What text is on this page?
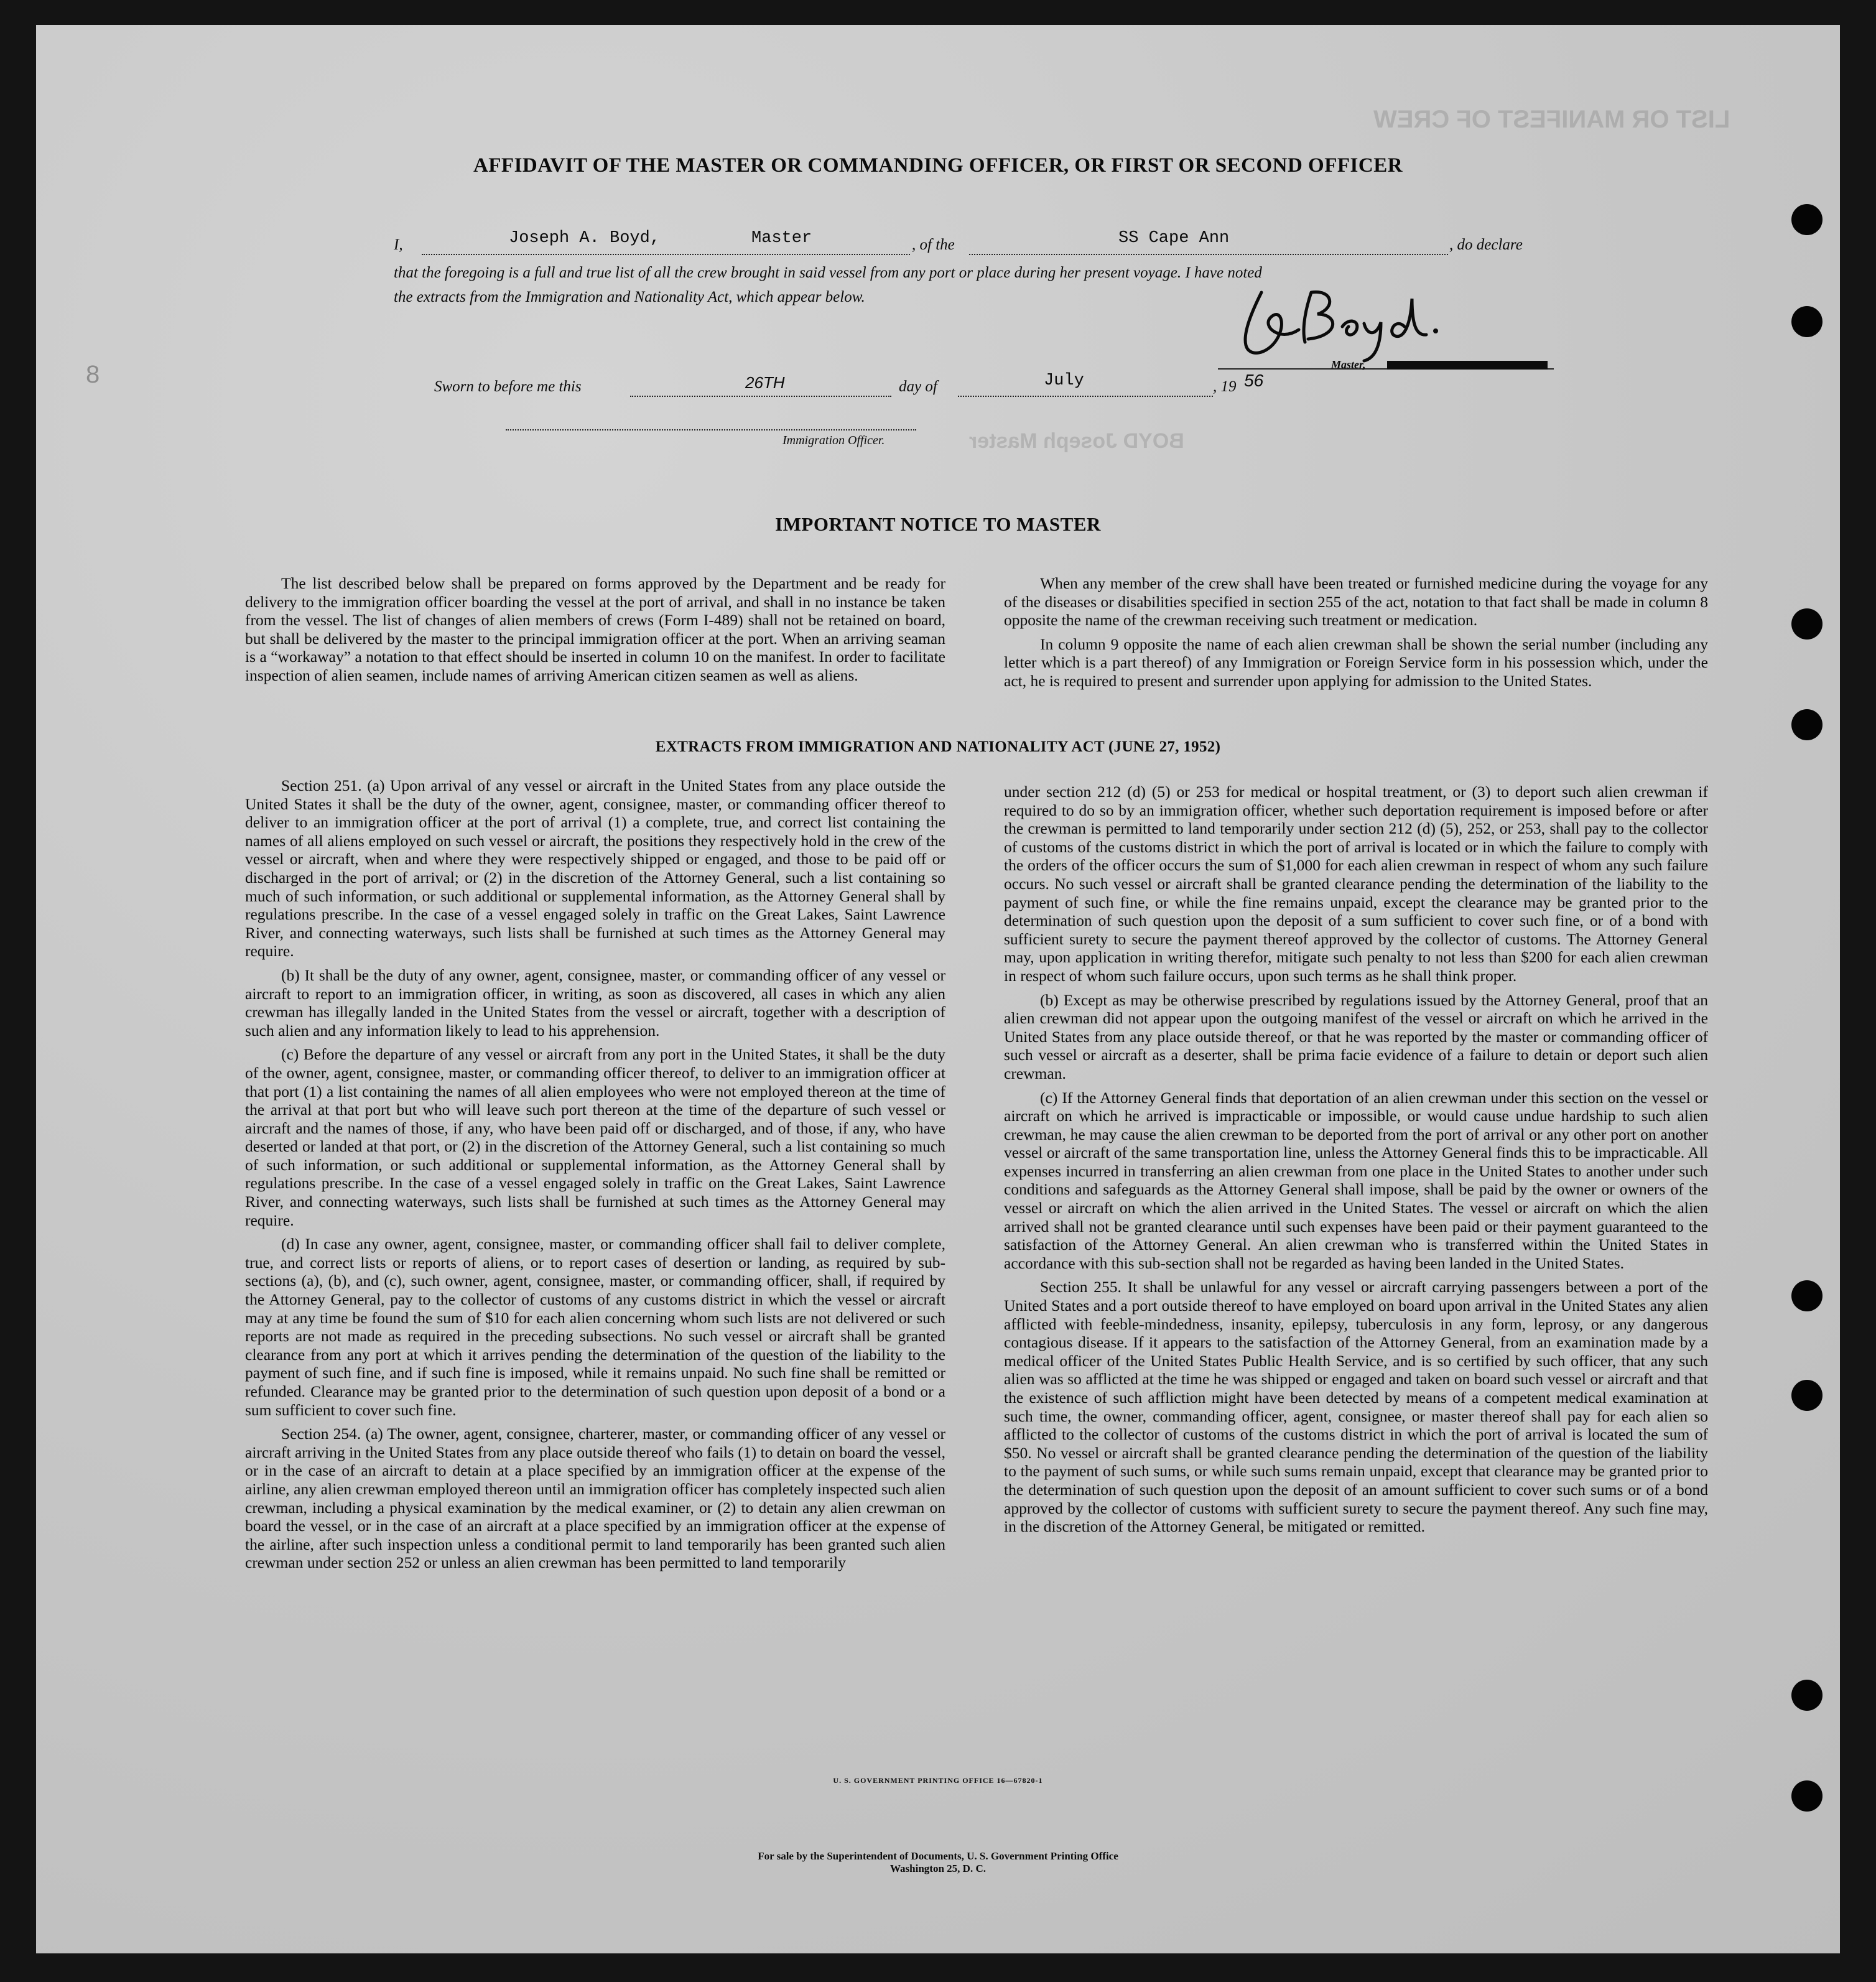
LIST OR MANIFEST OF CREW
BOYD Joseph Master
AFFIDAVIT OF THE MASTER OR COMMANDING OFFICER, OR FIRST OR SECOND OFFICER
I,	Joseph A. Boyd,	Master	, of the	SS Cape Ann	, do declare
that the foregoing is a full and true list of all the crew brought in said vessel from any port or place during her present voyage. I have noted
the extracts from the Immigration and Nationality Act, which appear below.
Master,
Sworn to before me this	26TH	day of	July	, 19 56
Immigration Officer.
IMPORTANT NOTICE TO MASTER

The list described below shall be prepared on forms approved by the Department and be ready for delivery to the immigration officer boarding the vessel at the port of arrival, and shall in no instance be taken from the vessel. The list of changes of alien members of crews (Form I-489) shall not be retained on board, but shall be delivered by the master to the principal immigration officer at the port. When an arriving seaman is a “workaway” a notation to that effect should be inserted in column 10 on the manifest. In order to facilitate inspection of alien seamen, include names of arriving American citizen seamen as well as aliens.

When any member of the crew shall have been treated or furnished medicine during the voyage for any of the diseases or disabilities specified in section 255 of the act, notation to that fact shall be made in column 8 opposite the name of the crewman receiving such treatment or medication.

In column 9 opposite the name of each alien crewman shall be shown the serial number (including any letter which is a part thereof) of any Immigration or Foreign Service form in his possession which, under the act, he is required to present and surrender upon applying for admission to the United States.

EXTRACTS FROM IMMIGRATION AND NATIONALITY ACT (JUNE 27, 1952)

Section 251. (a) Upon arrival of any vessel or aircraft in the United States from any place outside the United States it shall be the duty of the owner, agent, consignee, master, or commanding officer thereof to deliver to an immigration officer at the port of arrival (1) a complete, true, and correct list containing the names of all aliens employed on such vessel or aircraft, the positions they respectively hold in the crew of the vessel or aircraft, when and where they were respectively shipped or engaged, and those to be paid off or discharged in the port of arrival; or (2) in the discretion of the Attorney General, such a list containing so much of such information, or such additional or supplemental information, as the Attorney General shall by regulations prescribe. In the case of a vessel engaged solely in traffic on the Great Lakes, Saint Lawrence River, and connecting waterways, such lists shall be furnished at such times as the Attorney General may require.

(b) It shall be the duty of any owner, agent, consignee, master, or commanding officer of any vessel or aircraft to report to an immigration officer, in writing, as soon as discovered, all cases in which any alien crewman has illegally landed in the United States from the vessel or aircraft, together with a description of such alien and any information likely to lead to his apprehension.

(c) Before the departure of any vessel or aircraft from any port in the United States, it shall be the duty of the owner, agent, consignee, master, or commanding officer thereof, to deliver to an immigration officer at that port (1) a list containing the names of all alien employees who were not employed thereon at the time of the arrival at that port but who will leave such port thereon at the time of the departure of such vessel or aircraft and the names of those, if any, who have been paid off or discharged, and of those, if any, who have deserted or landed at that port, or (2) in the discretion of the Attorney General, such a list containing so much of such information, or such additional or supplemental information, as the Attorney General shall by regulations prescribe. In the case of a vessel engaged solely in traffic on the Great Lakes, Saint Lawrence River, and connecting waterways, such lists shall be furnished at such times as the Attorney General may require.

(d) In case any owner, agent, consignee, master, or commanding officer shall fail to deliver complete, true, and correct lists or reports of aliens, or to report cases of desertion or landing, as required by sub-sections (a), (b), and (c), such owner, agent, consignee, master, or commanding officer, shall, if required by the Attorney General, pay to the collector of customs of any customs district in which the vessel or aircraft may at any time be found the sum of $10 for each alien concerning whom such lists are not delivered or such reports are not made as required in the preceding subsections. No such vessel or aircraft shall be granted clearance from any port at which it arrives pending the determination of the question of the liability to the payment of such fine, and if such fine is imposed, while it remains unpaid. No such fine shall be remitted or refunded. Clearance may be granted prior to the determination of such question upon deposit of a bond or a sum sufficient to cover such fine.

Section 254. (a) The owner, agent, consignee, charterer, master, or commanding officer of any vessel or aircraft arriving in the United States from any place outside thereof who fails (1) to detain on board the vessel, or in the case of an aircraft to detain at a place specified by an immigration officer at the expense of the airline, any alien crewman employed thereon until an immigration officer has completely inspected such alien crewman, including a physical examination by the medical examiner, or (2) to detain any alien crewman on board the vessel, or in the case of an aircraft at a place specified by an immigration officer at the expense of the airline, after such inspection unless a conditional permit to land temporarily has been granted such alien crewman under section 252 or unless an alien crewman has been permitted to land temporarily

under section 212 (d) (5) or 253 for medical or hospital treatment, or (3) to deport such alien crewman if required to do so by an immigration officer, whether such deportation requirement is imposed before or after the crewman is permitted to land temporarily under section 212 (d) (5), 252, or 253, shall pay to the collector of customs of the customs district in which the port of arrival is located or in which the failure to comply with the orders of the officer occurs the sum of $1,000 for each alien crewman in respect of whom any such failure occurs. No such vessel or aircraft shall be granted clearance pending the determination of the liability to the payment of such fine, or while the fine remains unpaid, except the clearance may be granted prior to the determination of such question upon the deposit of a sum sufficient to cover such fine, or of a bond with sufficient surety to secure the payment thereof approved by the collector of customs. The Attorney General may, upon application in writing therefor, mitigate such penalty to not less than $200 for each alien crewman in respect of whom such failure occurs, upon such terms as he shall think proper.

(b) Except as may be otherwise prescribed by regulations issued by the Attorney General, proof that an alien crewman did not appear upon the outgoing manifest of the vessel or aircraft on which he arrived in the United States from any place outside thereof, or that he was reported by the master or commanding officer of such vessel or aircraft as a deserter, shall be prima facie evidence of a failure to detain or deport such alien crewman.

(c) If the Attorney General finds that deportation of an alien crewman under this section on the vessel or aircraft on which he arrived is impracticable or impossible, or would cause undue hardship to such alien crewman, he may cause the alien crewman to be deported from the port of arrival or any other port on another vessel or aircraft of the same transportation line, unless the Attorney General finds this to be impracticable. All expenses incurred in transferring an alien crewman from one place in the United States to another under such conditions and safeguards as the Attorney General shall impose, shall be paid by the owner or owners of the vessel or aircraft on which the alien arrived in the United States. The vessel or aircraft on which the alien arrived shall not be granted clearance until such expenses have been paid or their payment guaranteed to the satisfaction of the Attorney General. An alien crewman who is transferred within the United States in accordance with this sub-section shall not be regarded as having been landed in the United States.

Section 255. It shall be unlawful for any vessel or aircraft carrying passengers between a port of the United States and a port outside thereof to have employed on board upon arrival in the United States any alien afflicted with feeble-mindedness, insanity, epilepsy, tuberculosis in any form, leprosy, or any dangerous contagious disease. If it appears to the satisfaction of the Attorney General, from an examination made by a medical officer of the United States Public Health Service, and is so certified by such officer, that any such alien was so afflicted at the time he was shipped or engaged and taken on board such vessel or aircraft and that the existence of such affliction might have been detected by means of a competent medical examination at such time, the owner, commanding officer, agent, consignee, or master thereof shall pay for each alien so afflicted to the collector of customs of the customs district in which the port of arrival is located the sum of $50. No vessel or aircraft shall be granted clearance pending the determination of the question of the liability to the payment of such sums, or while such sums remain unpaid, except that clearance may be granted prior to the determination of such question upon the deposit of an amount sufficient to cover such sums or of a bond approved by the collector of customs with sufficient surety to secure the payment thereof. Any such fine may, in the discretion of the Attorney General, be mitigated or remitted.

U. S. GOVERNMENT PRINTING OFFICE 16—67820-1
For sale by the Superintendent of Documents, U. S. Government Printing Office
Washington 25, D. C.
8
